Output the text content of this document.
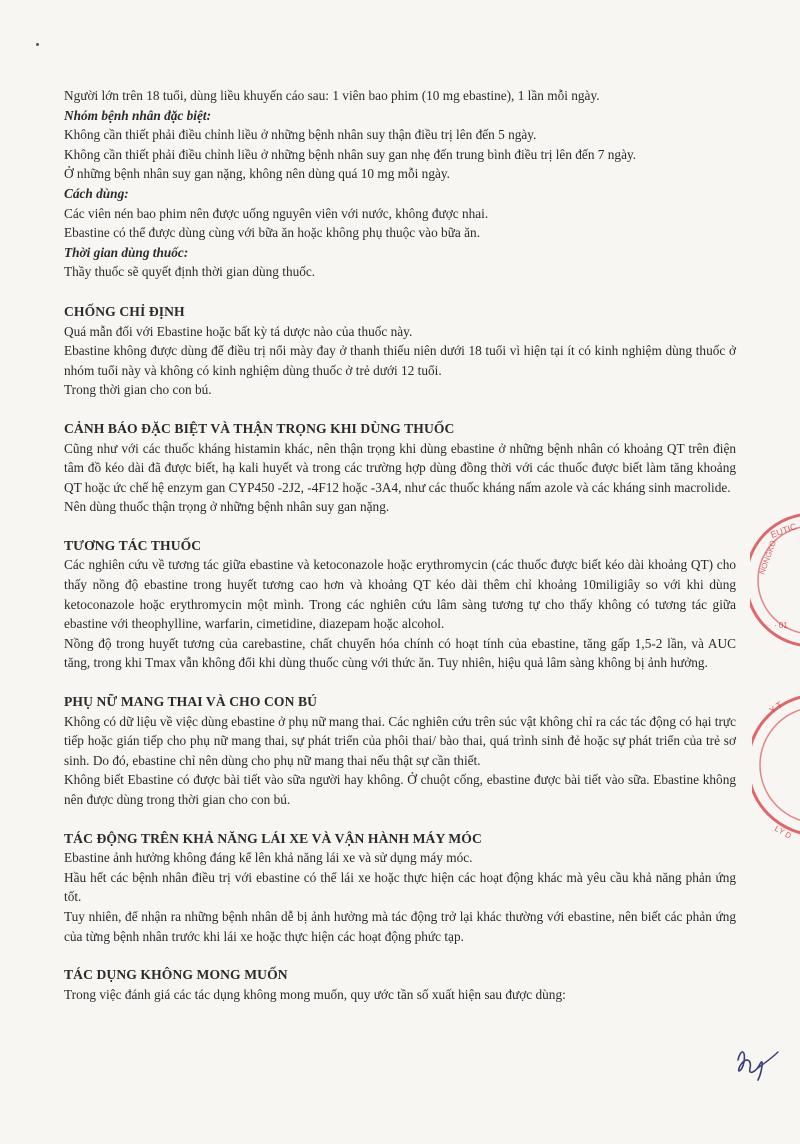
Người lớn trên 18 tuổi, dùng liều khuyến cáo sau: 1 viên bao phim (10 mg ebastine), 1 lần mỗi ngày.

Nhóm bệnh nhân đặc biệt:

Không cần thiết phải điều chỉnh liều ở những bệnh nhân suy thận điều trị lên đến 5 ngày.

Không cần thiết phải điều chỉnh liều ở những bệnh nhân suy gan nhẹ đến trung bình điều trị lên đến 7 ngày.

Ở những bệnh nhân suy gan nặng, không nên dùng quá 10 mg mỗi ngày.

Cách dùng:

Các viên nén bao phim nên được uống nguyên viên với nước, không được nhai.

Ebastine có thể được dùng cùng với bữa ăn hoặc không phụ thuộc vào bữa ăn.

Thời gian dùng thuốc:

Thầy thuốc sẽ quyết định thời gian dùng thuốc.

CHỐNG CHỈ ĐỊNH

Quá mẫn đối với Ebastine hoặc bất kỳ tá dược nào của thuốc này.

Ebastine không được dùng để điều trị nổi mày đay ở thanh thiếu niên dưới 18 tuổi vì hiện tại ít có kinh nghiệm dùng thuốc ở nhóm tuổi này và không có kinh nghiệm dùng thuốc ở trẻ dưới 12 tuổi.

Trong thời gian cho con bú.

CẢNH BÁO ĐẶC BIỆT VÀ THẬN TRỌNG KHI DÙNG THUỐC

Cũng như với các thuốc kháng histamin khác, nên thận trọng khi dùng ebastine ở những bệnh nhân có khoảng QT trên điện tâm đồ kéo dài đã được biết, hạ kali huyết và trong các trường hợp dùng đồng thời với các thuốc được biết làm tăng khoảng QT hoặc ức chế hệ enzym gan CYP450 -2J2, -4F12 hoặc -3A4, như các thuốc kháng nấm azole và các kháng sinh macrolide.

Nên dùng thuốc thận trọng ở những bệnh nhân suy gan nặng.

TƯƠNG TÁC THUỐC

Các nghiên cứu về tương tác giữa ebastine và ketoconazole hoặc erythromycin (các thuốc được biết kéo dài khoảng QT) cho thấy nồng độ ebastine trong huyết tương cao hơn và khoảng QT kéo dài thêm chỉ khoảng 10miligiây so với khi dùng ketoconazole hoặc erythromycin một mình. Trong các nghiên cứu lâm sàng tương tự cho thấy không có tương tác giữa ebastine với theophylline, warfarin, cimetidine, diazepam hoặc alcohol.

Nồng độ trong huyết tương của carebastine, chất chuyển hóa chính có hoạt tính của ebastine, tăng gấp 1,5-2 lần, và AUC tăng, trong khi Tmax vẫn không đổi khi dùng thuốc cùng với thức ăn. Tuy nhiên, hiệu quả lâm sàng không bị ảnh hưởng.

PHỤ NỮ MANG THAI VÀ CHO CON BÚ

Không có dữ liệu về việc dùng ebastine ở phụ nữ mang thai. Các nghiên cứu trên súc vật không chỉ ra các tác động có hại trực tiếp hoặc gián tiếp cho phụ nữ mang thai, sự phát triển của phôi thai/ bào thai, quá trình sinh đẻ hoặc sự phát triển của trẻ sơ sinh. Do đó, ebastine chỉ nên dùng cho phụ nữ mang thai nếu thật sự cần thiết.

Không biết Ebastine có được bài tiết vào sữa người hay không. Ở chuột cống, ebastine được bài tiết vào sữa. Ebastine không nên được dùng trong thời gian cho con bú.

TÁC ĐỘNG TRÊN KHẢ NĂNG LÁI XE VÀ VẬN HÀNH MÁY MÓC

Ebastine ảnh hưởng không đáng kể lên khả năng lái xe và sử dụng máy móc.

Hầu hết các bệnh nhân điều trị với ebastine có thể lái xe hoặc thực hiện các hoạt động khác mà yêu cầu khả năng phản ứng tốt.

Tuy nhiên, để nhận ra những bệnh nhân dễ bị ảnh hưởng mà tác động trở lại khác thường với ebastine, nên biết các phản ứng của từng bệnh nhân trước khi lái xe hoặc thực hiện các hoạt động phức tạp.

TÁC DỤNG KHÔNG MONG MUỐN

Trong việc đánh giá các tác dụng không mong muốn, quy ước tần số xuất hiện sau được dùng:

EUTIC
NONGKO
· 01
Y T
LÝ D
